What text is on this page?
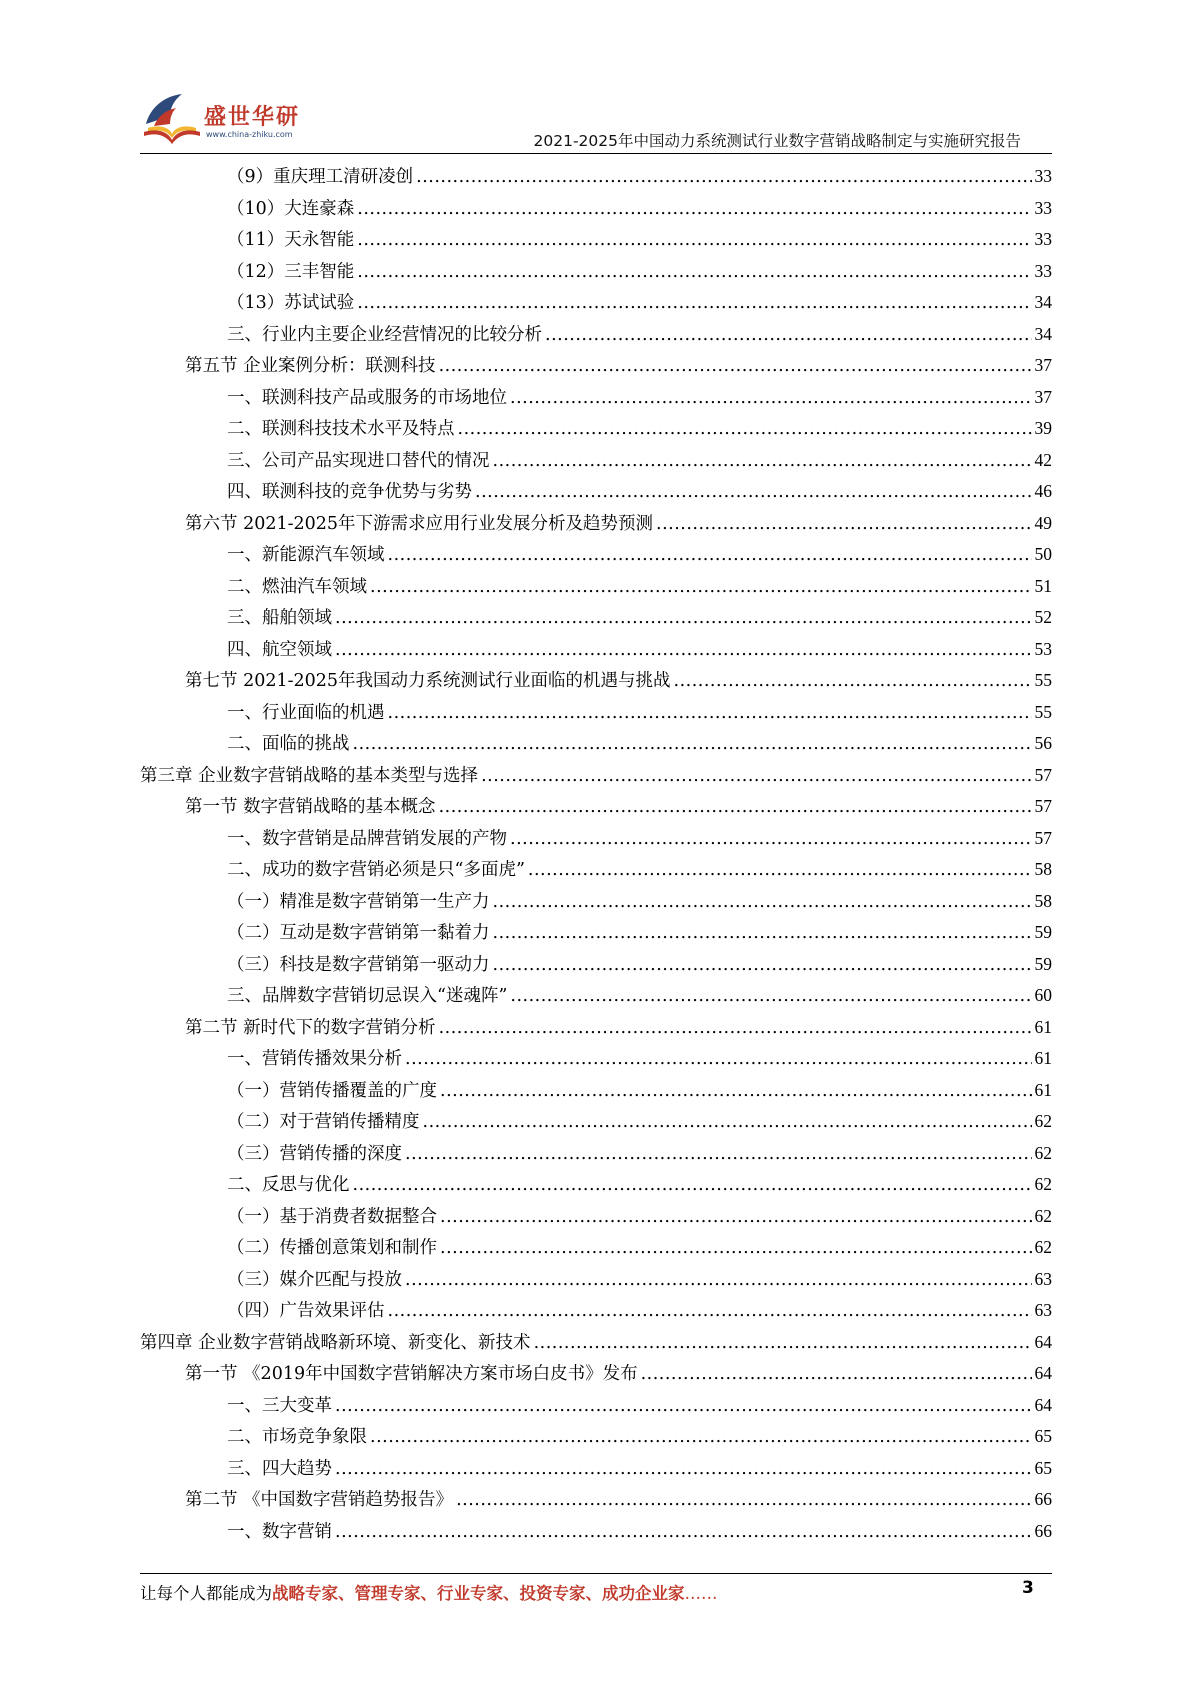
盛世华研
www.china-zhiku.com	2021-2025年中国动力系统测试行业数字营销战略制定与实施研究报告
（9）重庆理工清研凌创 .....	33
（10）大连豪森 .....	33
（11）天永智能 .....	33
（12）三丰智能 .....	33
（13）苏试试验 .....	34
三、行业内主要企业经营情况的比较分析 .....	34
第五节 企业案例分析：联测科技 .....	37
一、联测科技产品或服务的市场地位 .....	37
二、联测科技技术水平及特点 .....	39
三、公司产品实现进口替代的情况 .....	42
四、联测科技的竞争优势与劣势 .....	46
第六节 2021-2025年下游需求应用行业发展分析及趋势预测 .....	49
一、新能源汽车领域 .....	50
二、燃油汽车领域 .....	51
三、船舶领域 .....	52
四、航空领域 .....	53
第七节 2021-2025年我国动力系统测试行业面临的机遇与挑战 .....	55
一、行业面临的机遇 .....	55
二、面临的挑战 .....	56
第三章 企业数字营销战略的基本类型与选择 .....	57
第一节 数字营销战略的基本概念 .....	57
一、数字营销是品牌营销发展的产物 .....	57
二、成功的数字营销必须是只“多面虎” .....	58
（一）精准是数字营销第一生产力 .....	58
（二）互动是数字营销第一黏着力 .....	59
（三）科技是数字营销第一驱动力 .....	59
三、品牌数字营销切忌误入“迷魂阵” .....	60
第二节 新时代下的数字营销分析 .....	61
一、营销传播效果分析 .....	61
（一）营销传播覆盖的广度 .....	61
（二）对于营销传播精度 .....	62
（三）营销传播的深度 .....	62
二、反思与优化 .....	62
（一）基于消费者数据整合 .....	62
（二）传播创意策划和制作 .....	62
（三）媒介匹配与投放 .....	63
（四）广告效果评估 .....	63
第四章 企业数字营销战略新环境、新变化、新技术 .....	64
第一节 《2019年中国数字营销解决方案市场白皮书》发布 .....	64
一、三大变革 .....	64
二、市场竞争象限 .....	65
三、四大趋势 .....	65
第二节 《中国数字营销趋势报告》 .....	66
一、数字营销 .....	66
让每个人都能成为战略专家、管理专家、行业专家、投资专家、成功企业家……	3
